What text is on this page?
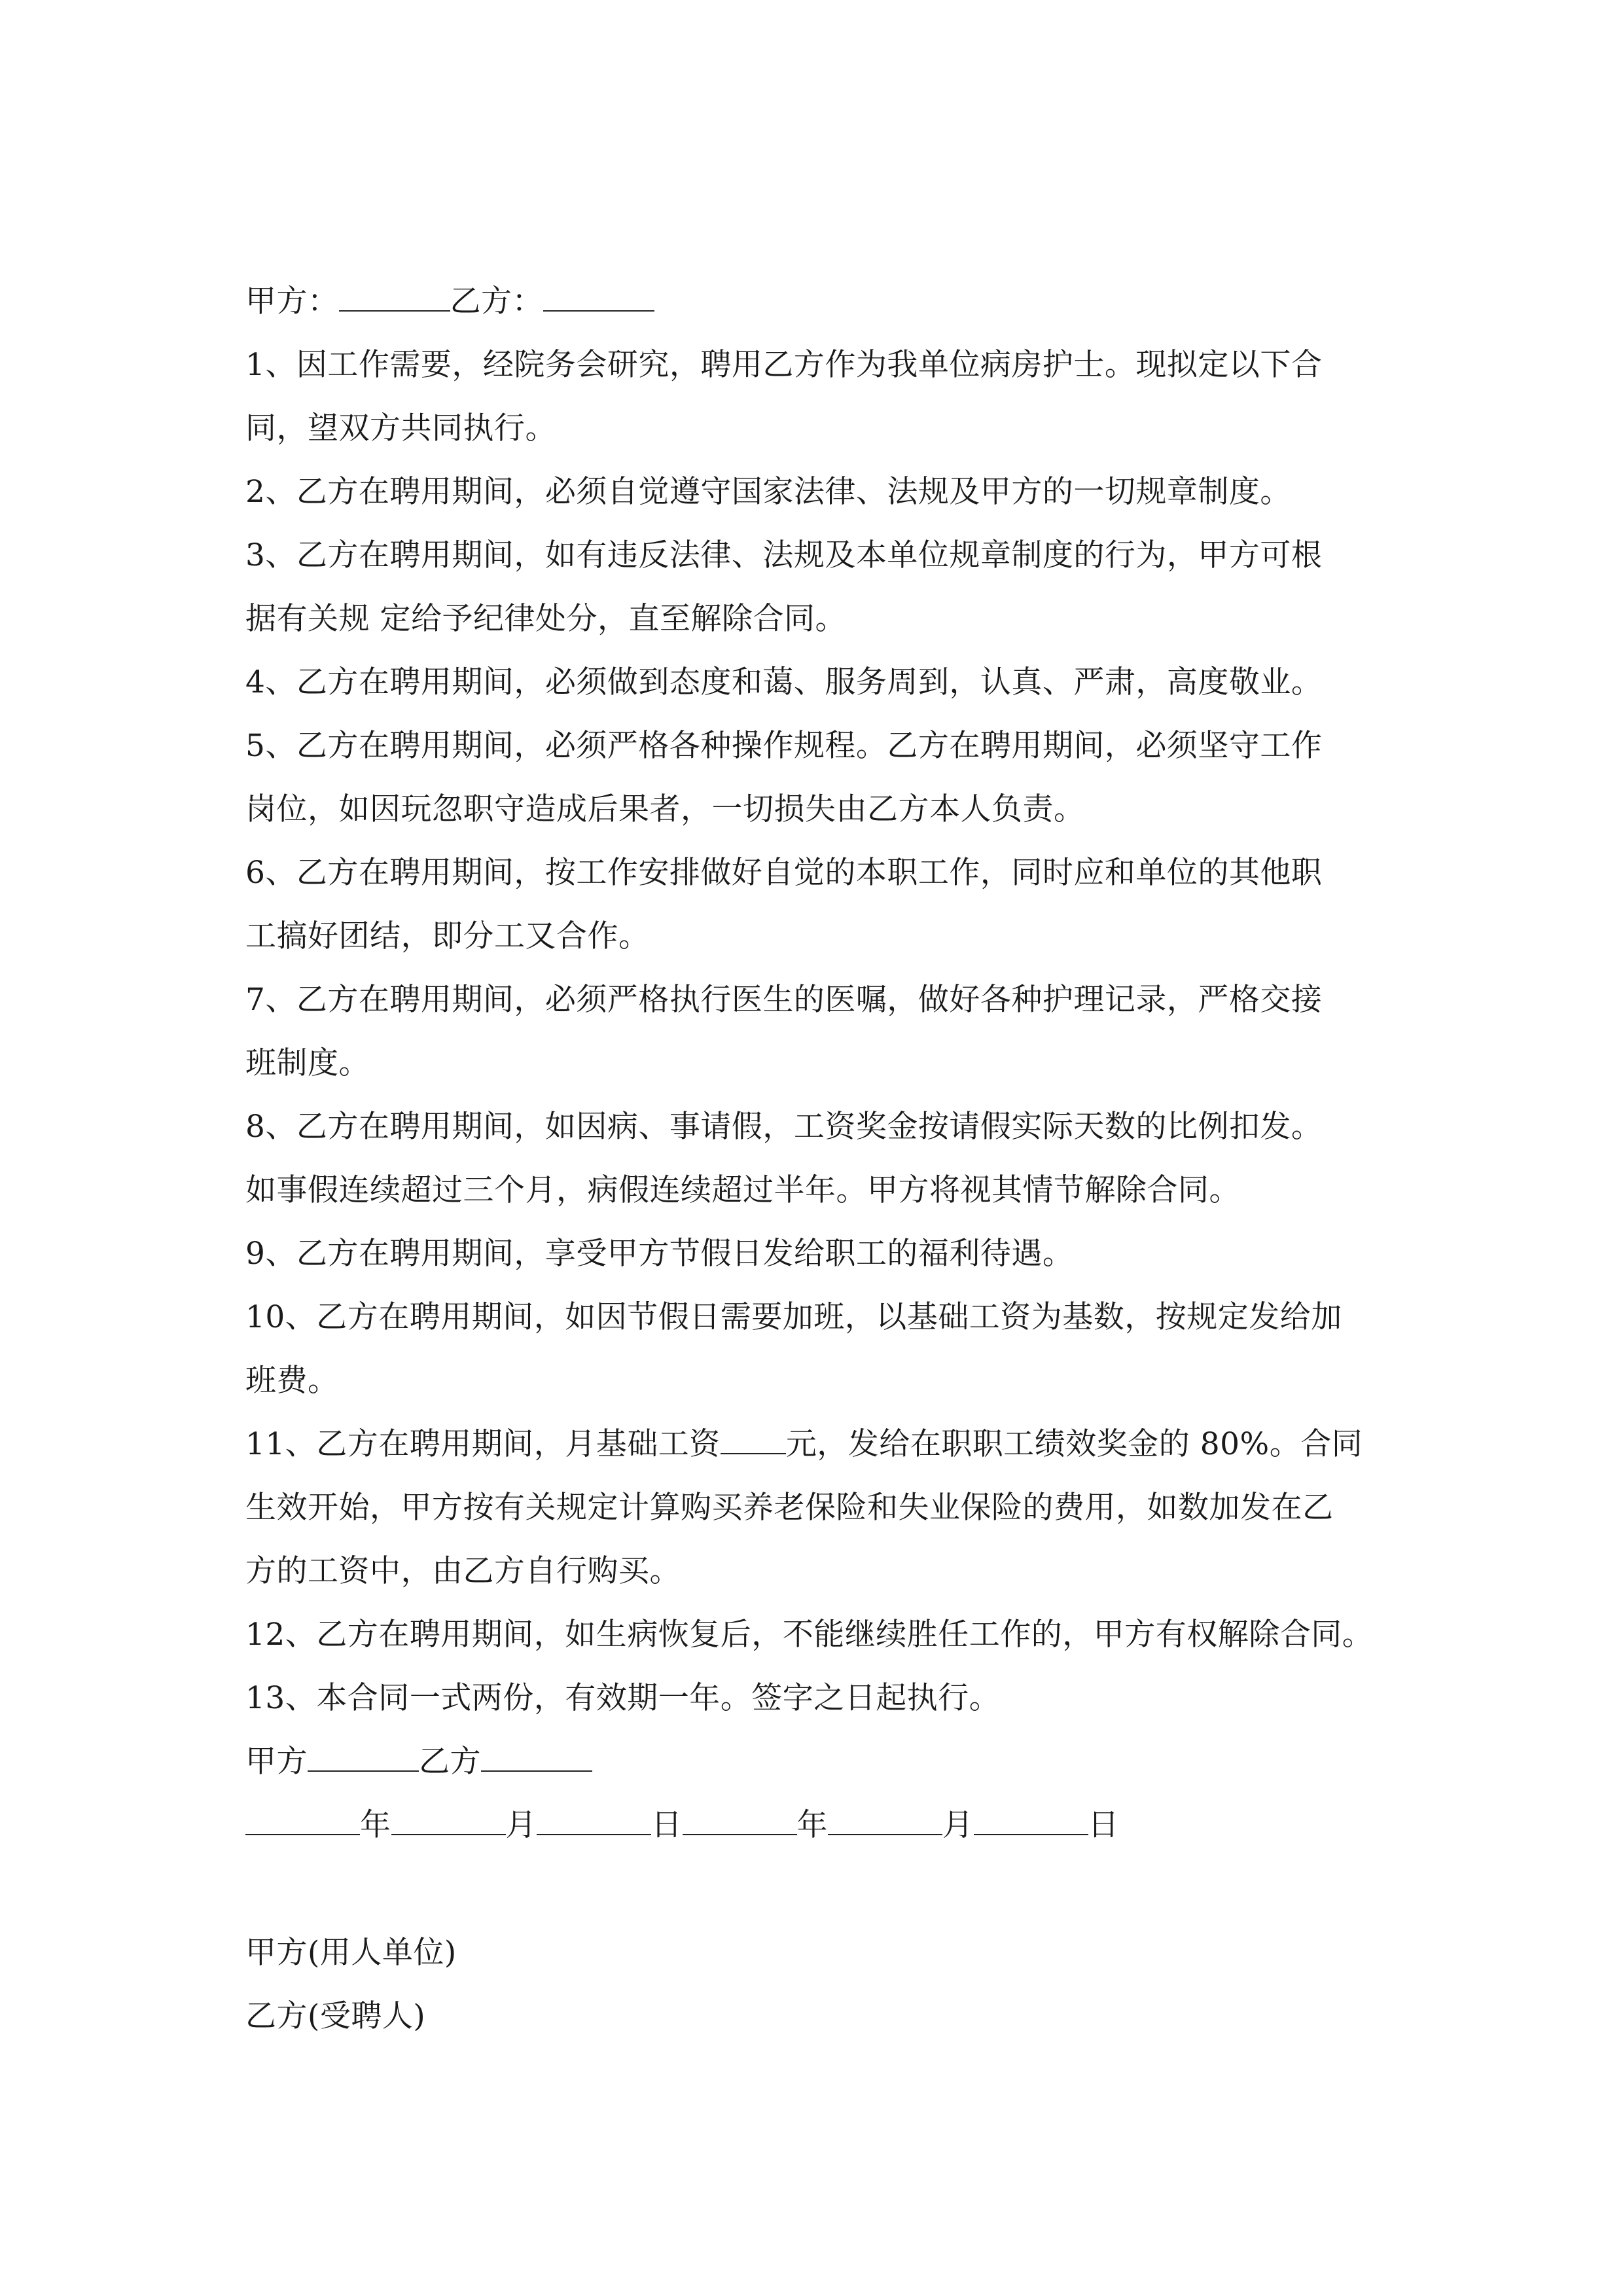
甲方：	乙方：
1、因工作需要，经院务会研究，聘用乙方作为我单位病房护士。现拟定以下合
同，望双方共同执行。
2、乙方在聘用期间，必须自觉遵守国家法律、法规及甲方的一切规章制度。
3、乙方在聘用期间，如有违反法律、法规及本单位规章制度的行为，甲方可根
据有关规 定给予纪律处分，直至解除合同。
4、乙方在聘用期间，必须做到态度和蔼、服务周到，认真、严肃，高度敬业。
5、乙方在聘用期间，必须严格各种操作规程。乙方在聘用期间，必须坚守工作
岗位，如因玩忽职守造成后果者，一切损失由乙方本人负责。
6、乙方在聘用期间，按工作安排做好自觉的本职工作，同时应和单位的其他职
工搞好团结，即分工又合作。
7、乙方在聘用期间，必须严格执行医生的医嘱，做好各种护理记录，严格交接
班制度。
8、乙方在聘用期间，如因病、事请假，工资奖金按请假实际天数的比例扣发。
如事假连续超过三个月，病假连续超过半年。甲方将视其情节解除合同。
9、乙方在聘用期间，享受甲方节假日发给职工的福利待遇。
10、乙方在聘用期间，如因节假日需要加班，以基础工资为基数，按规定发给加
班费。
11、乙方在聘用期间，月基础工资 元，发给在职职工绩效奖金的 80%。合同
生效开始，甲方按有关规定计算购买养老保险和失业保险的费用，如数加发在乙
方的工资中，由乙方自行购买。
12、乙方在聘用期间，如生病恢复后，不能继续胜任工作的，甲方有权解除合同。
13、本合同一式两份，有效期一年。签字之日起执行。
甲方	乙方
年	月	日	年	月	日
甲方(用人单位)
乙方(受聘人)
